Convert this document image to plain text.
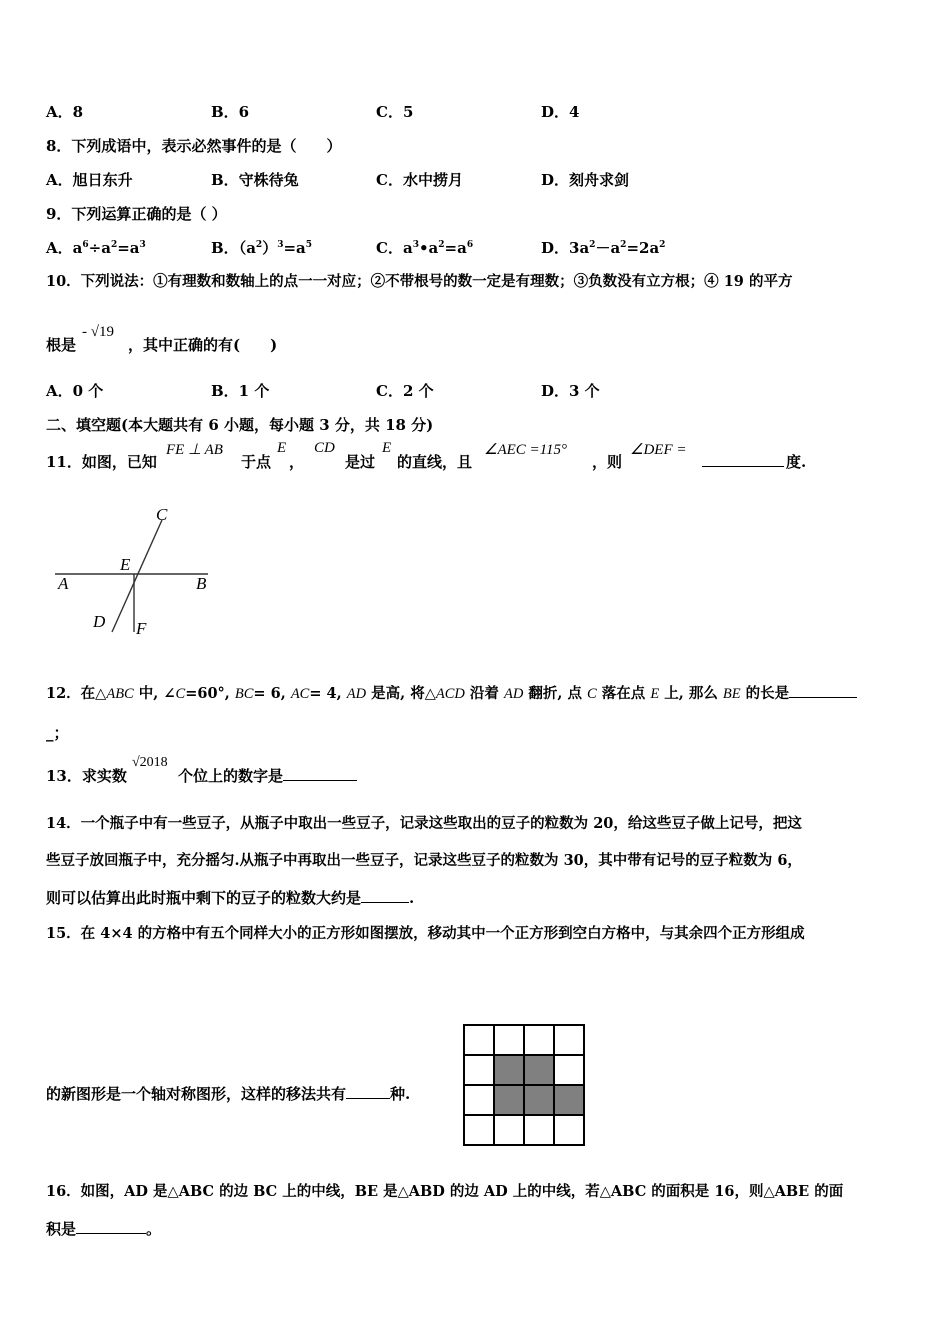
A．8	B．6	C．5	D．4
8．下列成语中，表示必然事件的是（　　）
A．旭日东升	B．守株待兔	C．水中捞月	D．刻舟求剑
9．下列运算正确的是（ ）
A．$a^6\div a^2=a^3$	B．$(a^2)^3=a^5$	C．$a^3•a^2=a^6$	D．$3a^2-a^2=2a^2$
10．下列说法：①有理数和数轴上的点一一对应；②不带根号的数一定是有理数；③负数没有立方根；④ 19 的平方
根是
- √19
，其中正确的有(　　)
A．0 个	B．1 个	C．2 个	D．3 个
二、填空题(本大题共有 6 小题，每小题 3 分，共 18 分)
11．如图，已知
FE ⊥ AB
于点
E
，
CD
是过
E
的直线，且
∠AEC =115°
，则
∠DEF =
度.
C
E
A	B
D F
12．在△ABC 中, ∠C=60°, BC= 6, AC= 4, AD 是高, 将△ACD 沿着 AD 翻折, 点 C 落在点 E 上, 那么 BE 的长是
_；
13．求实数
√2018
个位上的数字是
14．一个瓶子中有一些豆子，从瓶子中取出一些豆子，记录这些取出的豆子的粒数为 20，给这些豆子做上记号，把这
些豆子放回瓶子中，充分摇匀.从瓶子中再取出一些豆子，记录这些豆子的粒数为 30，其中带有记号的豆子粒数为 6，
则可以估算出此时瓶中剩下的豆子的粒数大约是	.
15．在 4×4 的方格中有五个同样大小的正方形如图摆放，移动其中一个正方形到空白方格中，与其余四个正方形组成
的新图形是一个轴对称图形，这样的移法共有	种.
16．如图，AD 是△ABC 的边 BC 上的中线，BE 是△ABD 的边 AD 上的中线，若△ABC 的面积是 16，则△ABE 的面
积是	。
